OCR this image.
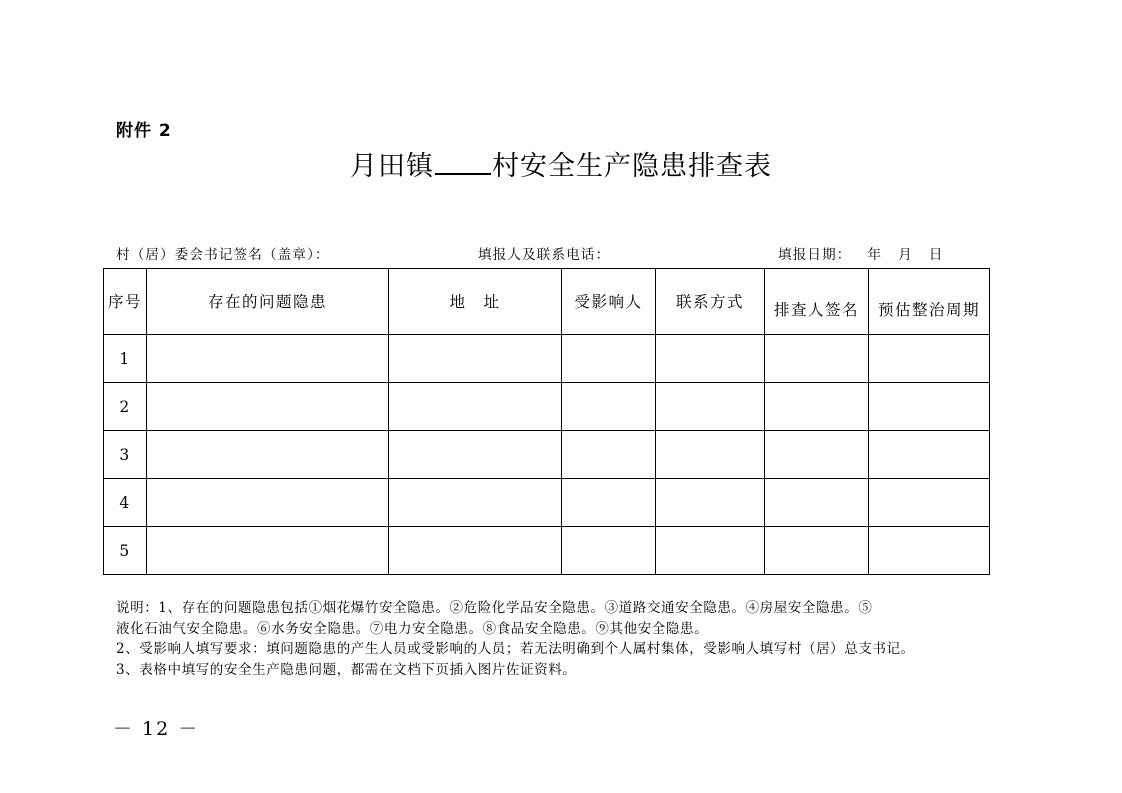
附件 2
月田镇 村安全生产隐患排查表
村（居）委会书记签名（盖章）：	填报人及联系电话：	填报日期： 年 月 日
序号	存在的问题隐患	地　址	受影响人	联系方式	排查人签名	预估整治周期
1						
2						
3						
4						
5						
说明：1、存在的问题隐患包括①烟花爆竹安全隐患。②危险化学品安全隐患。③道路交通安全隐患。④房屋安全隐患。⑤
液化石油气安全隐患。⑥水务安全隐患。⑦电力安全隐患。⑧食品安全隐患。⑨其他安全隐患。
2、受影响人填写要求：填问题隐患的产生人员或受影响的人员；若无法明确到个人属村集体，受影响人填写村（居）总支书记。
3、表格中填写的安全生产隐患问题，都需在文档下页插入图片佐证资料。
－ 12 －
